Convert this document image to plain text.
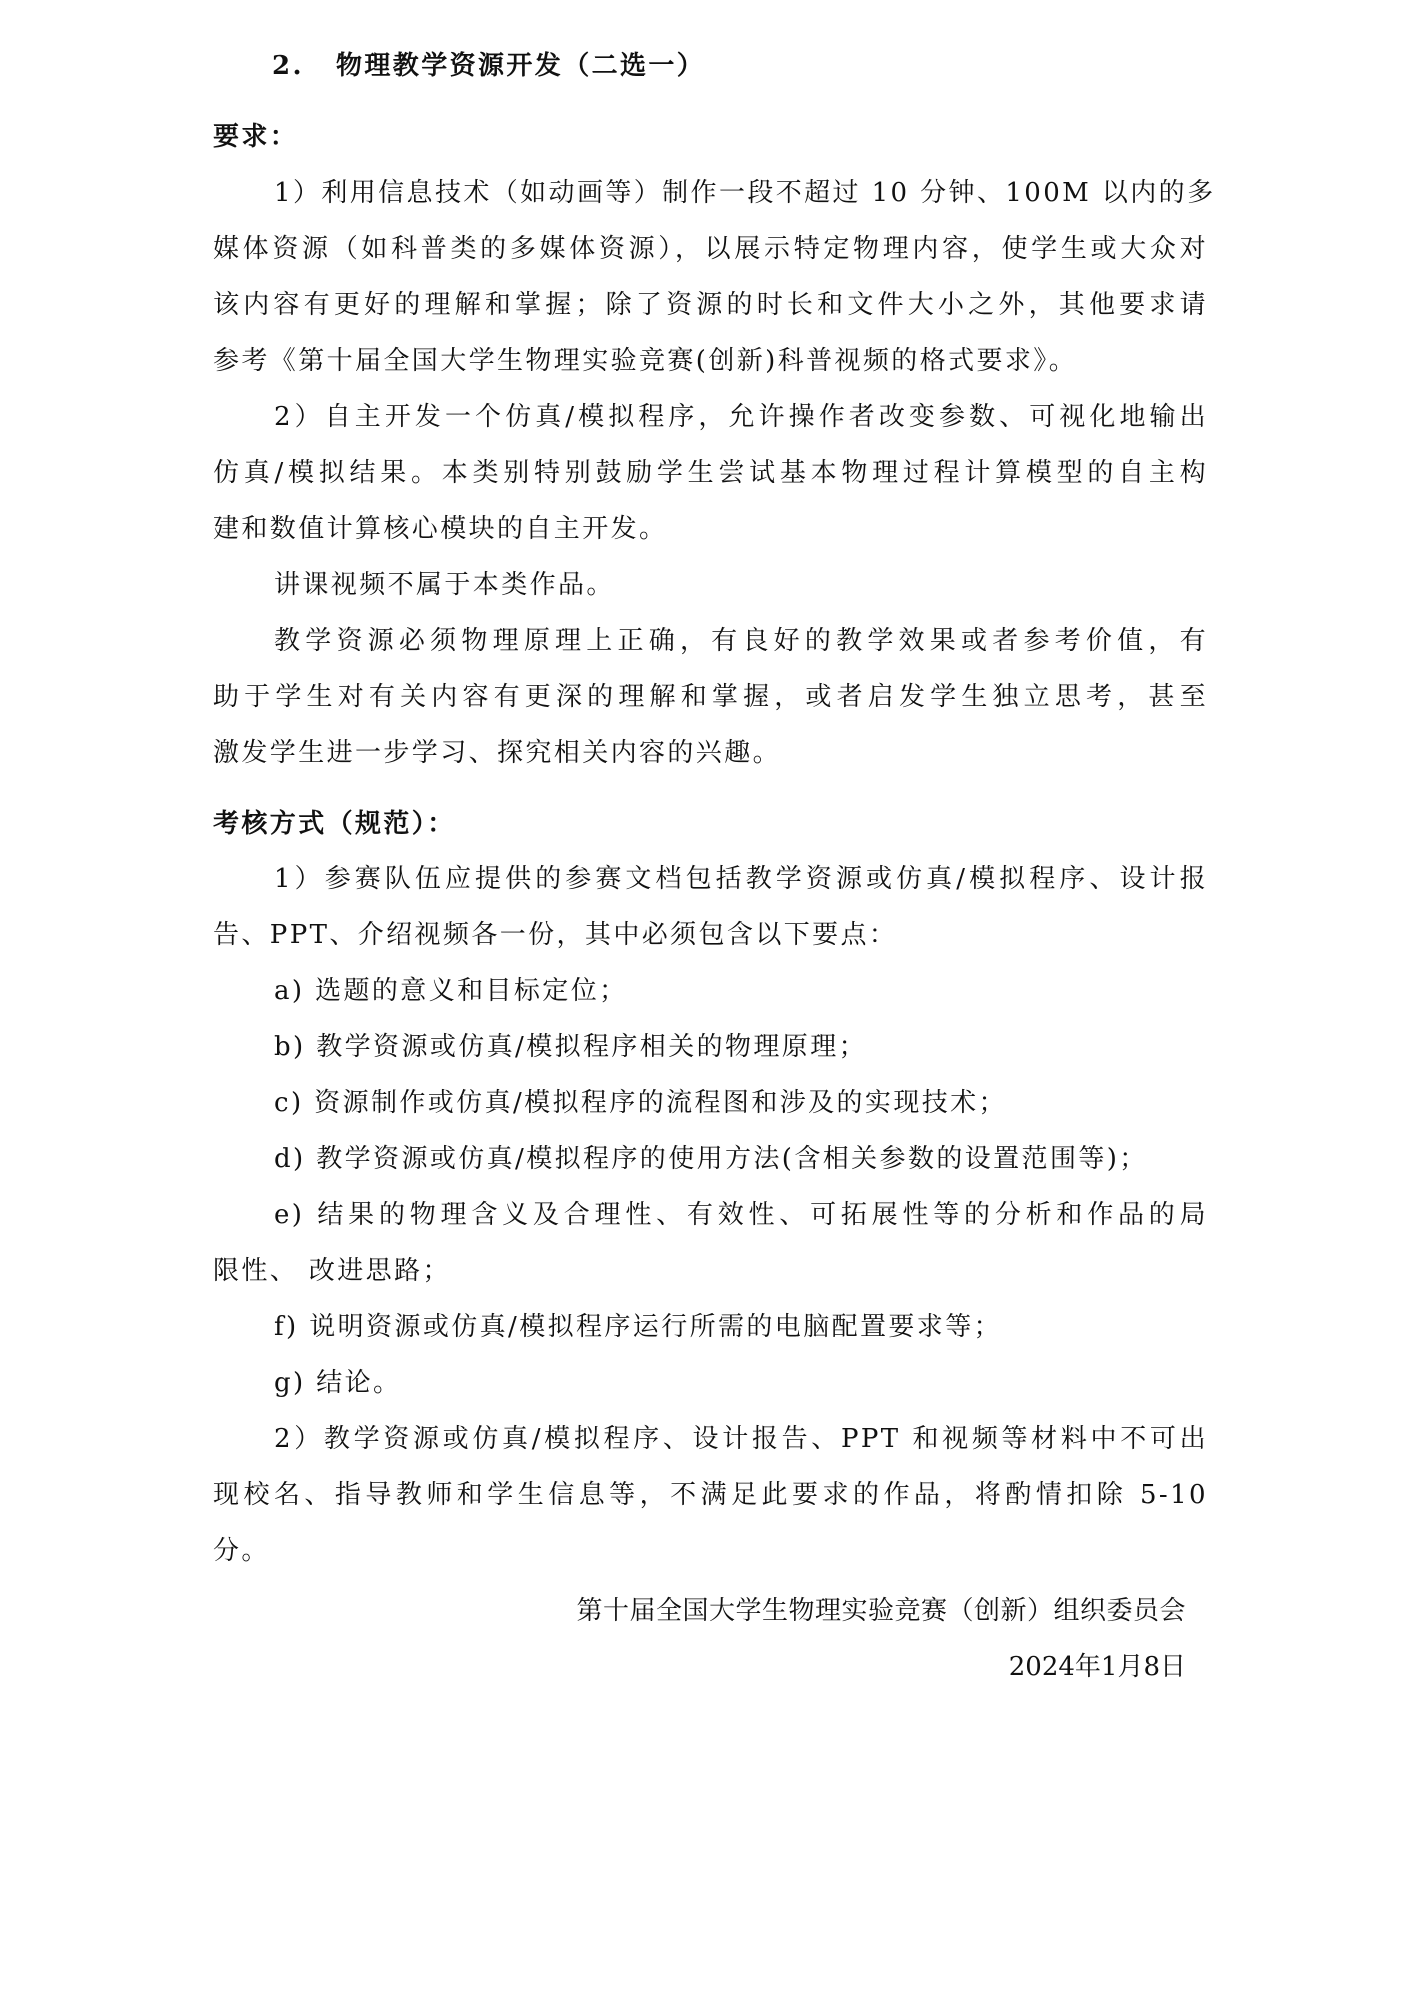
2.	物理教学资源开发（二选一）
要求：
1）利用信息技术（如动画等）制作一段不超过 10 分钟、100M 以内的多
媒体资源（如科普类的多媒体资源），以展示特定物理内容，使学生或大众对
该内容有更好的理解和掌握；除了资源的时长和文件大小之外，其他要求请
参考《第十届全国大学生物理实验竞赛(创新)科普视频的格式要求》。
2）自主开发一个仿真/模拟程序，允许操作者改变参数、可视化地输出
仿真/模拟结果。本类别特别鼓励学生尝试基本物理过程计算模型的自主构
建和数值计算核心模块的自主开发。
讲课视频不属于本类作品。
教学资源必须物理原理上正确，有良好的教学效果或者参考价值，有
助于学生对有关内容有更深的理解和掌握，或者启发学生独立思考，甚至
激发学生进一步学习、探究相关内容的兴趣。
考核方式（规范）：
1）参赛队伍应提供的参赛文档包括教学资源或仿真/模拟程序、设计报
告、PPT、介绍视频各一份，其中必须包含以下要点：
a) 选题的意义和目标定位；
b) 教学资源或仿真/模拟程序相关的物理原理；
c) 资源制作或仿真/模拟程序的流程图和涉及的实现技术；
d) 教学资源或仿真/模拟程序的使用方法(含相关参数的设置范围等)；
e) 结果的物理含义及合理性、有效性、可拓展性等的分析和作品的局
限性、 改进思路；
f) 说明资源或仿真/模拟程序运行所需的电脑配置要求等；
g) 结论。
2）教学资源或仿真/模拟程序、设计报告、PPT 和视频等材料中不可出
现校名、指导教师和学生信息等，不满足此要求的作品，将酌情扣除 5-10
分。
第十届全国大学生物理实验竞赛（创新）组织委员会
2024年1月8日
